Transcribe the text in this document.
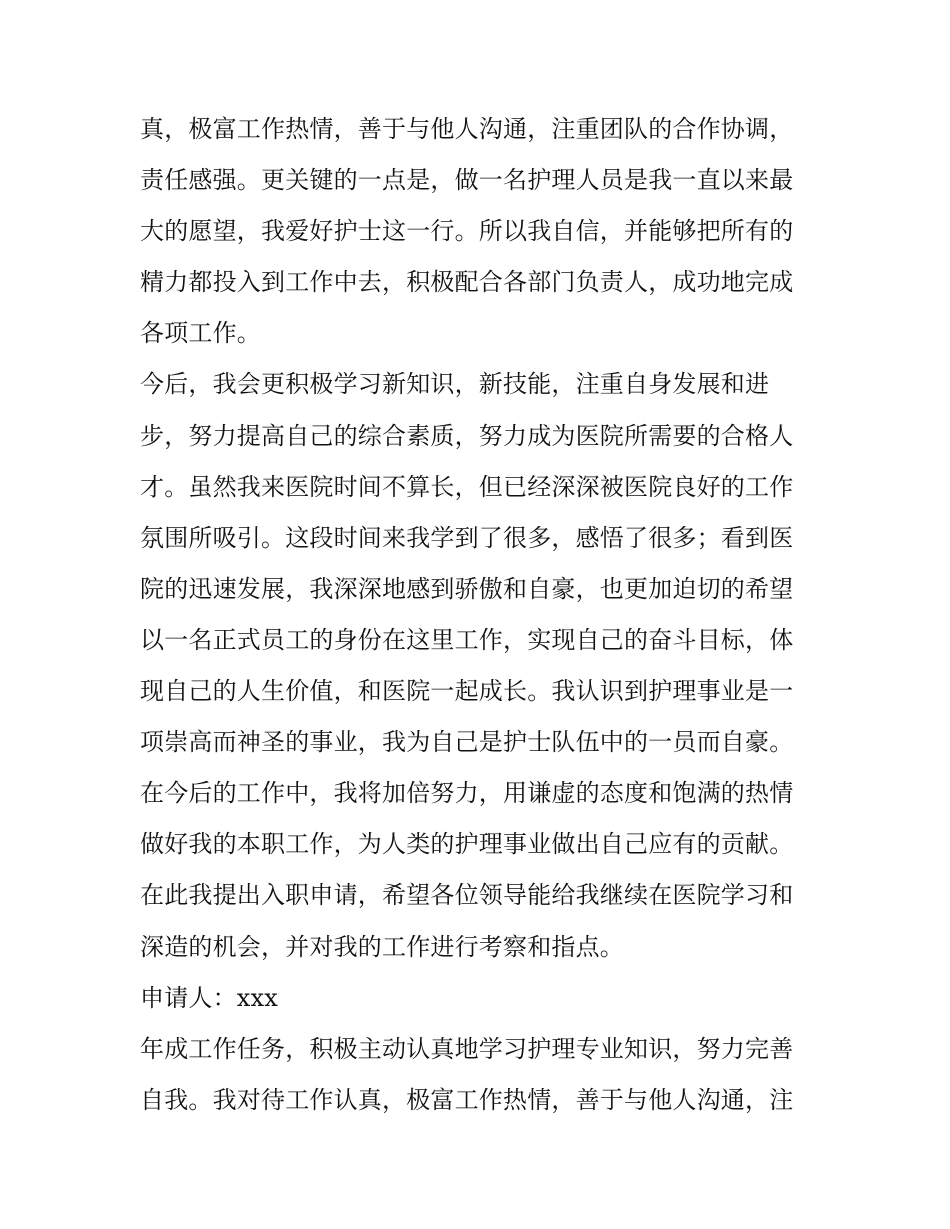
真，极富工作热情，善于与他人沟通，注重团队的合作协调，
责任感强。更关键的一点是，做一名护理人员是我一直以来最
大的愿望，我爱好护士这一行。所以我自信，并能够把所有的
精力都投入到工作中去，积极配合各部门负责人，成功地完成
各项工作。
今后，我会更积极学习新知识，新技能，注重自身发展和进
步，努力提高自己的综合素质，努力成为医院所需要的合格人
才。虽然我来医院时间不算长，但已经深深被医院良好的工作
氛围所吸引。这段时间来我学到了很多，感悟了很多；看到医
院的迅速发展，我深深地感到骄傲和自豪，也更加迫切的希望
以一名正式员工的身份在这里工作，实现自己的奋斗目标，体
现自己的人生价值，和医院一起成长。我认识到护理事业是一
项崇高而神圣的事业，我为自己是护士队伍中的一员而自豪。
在今后的工作中，我将加倍努力，用谦虚的态度和饱满的热情
做好我的本职工作，为人类的护理事业做出自己应有的贡献。
在此我提出入职申请，希望各位领导能给我继续在医院学习和
深造的机会，并对我的工作进行考察和指点。
申请人：xxx
年成工作任务，积极主动认真地学习护理专业知识，努力完善
自我。我对待工作认真，极富工作热情，善于与他人沟通，注
